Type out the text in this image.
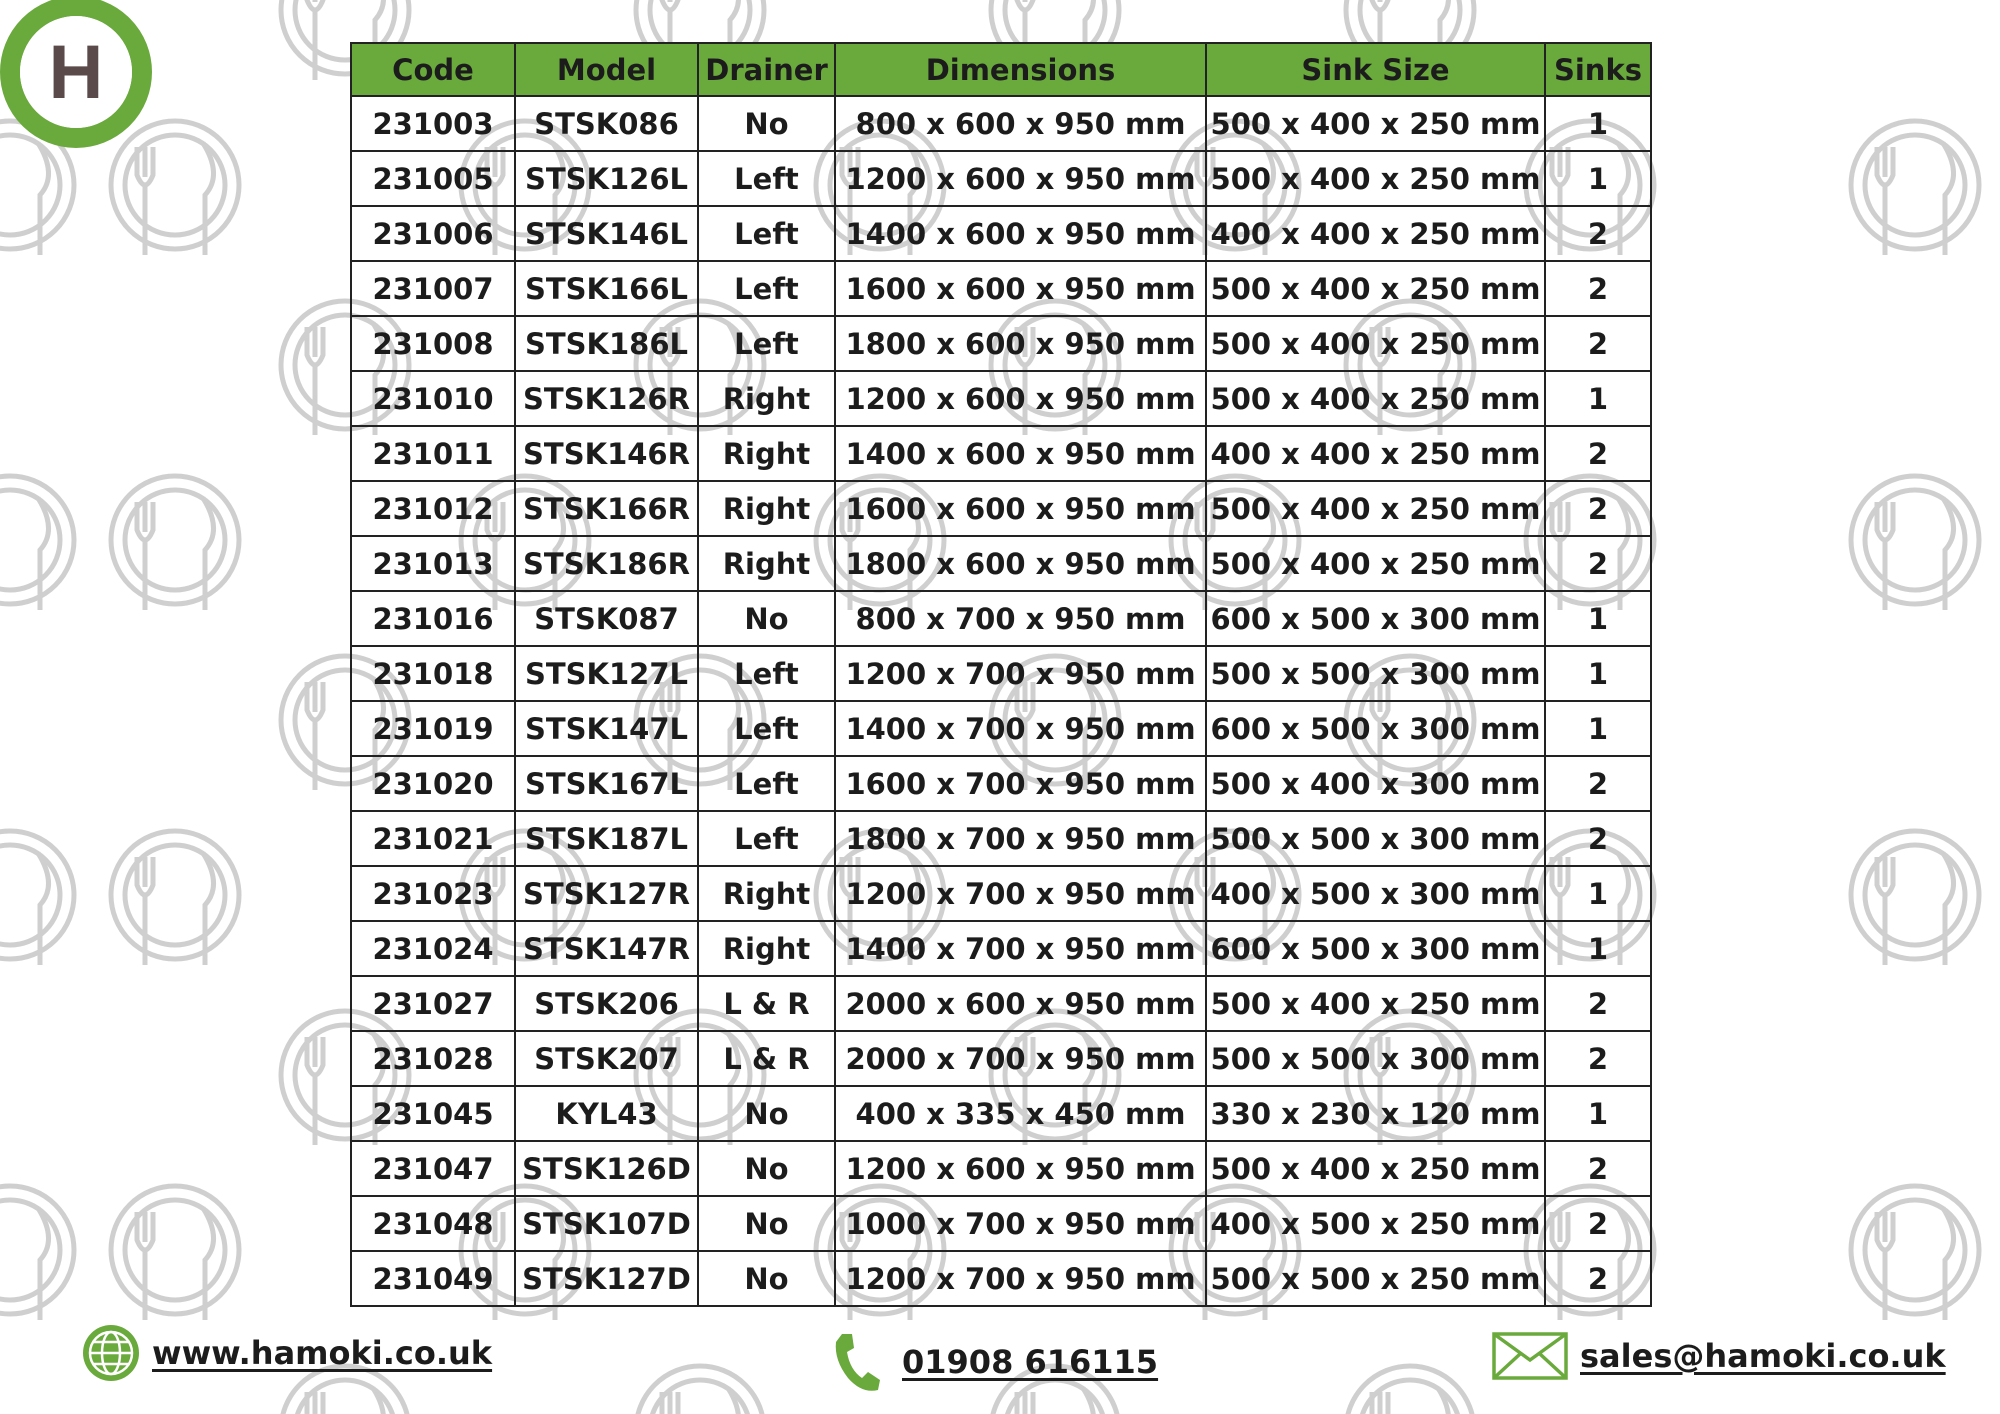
H	Code	Model	Drainer	Dimensions	Sink Size	Sinks
231003	STSK086	No	800 x 600 x 950 mm	500 x 400 x 250 mm	1
231005	STSK126L	Left	1200 x 600 x 950 mm	500 x 400 x 250 mm	1
231006	STSK146L	Left	1400 x 600 x 950 mm	400 x 400 x 250 mm	2
231007	STSK166L	Left	1600 x 600 x 950 mm	500 x 400 x 250 mm	2
231008	STSK186L	Left	1800 x 600 x 950 mm	500 x 400 x 250 mm	2
231010	STSK126R	Right	1200 x 600 x 950 mm	500 x 400 x 250 mm	1
231011	STSK146R	Right	1400 x 600 x 950 mm	400 x 400 x 250 mm	2
231012	STSK166R	Right	1600 x 600 x 950 mm	500 x 400 x 250 mm	2
231013	STSK186R	Right	1800 x 600 x 950 mm	500 x 400 x 250 mm	2
231016	STSK087	No	800 x 700 x 950 mm	600 x 500 x 300 mm	1
231018	STSK127L	Left	1200 x 700 x 950 mm	500 x 500 x 300 mm	1
231019	STSK147L	Left	1400 x 700 x 950 mm	600 x 500 x 300 mm	1
231020	STSK167L	Left	1600 x 700 x 950 mm	500 x 400 x 300 mm	2
231021	STSK187L	Left	1800 x 700 x 950 mm	500 x 500 x 300 mm	2
231023	STSK127R	Right	1200 x 700 x 950 mm	400 x 500 x 300 mm	1
231024	STSK147R	Right	1400 x 700 x 950 mm	600 x 500 x 300 mm	1
231027	STSK206	L & R	2000 x 600 x 950 mm	500 x 400 x 250 mm	2
231028	STSK207	L & R	2000 x 700 x 950 mm	500 x 500 x 300 mm	2
231045	KYL43	No	400 x 335 x 450 mm	330 x 230 x 120 mm	1
231047	STSK126D	No	1200 x 600 x 950 mm	500 x 400 x 250 mm	2
231048	STSK107D	No	1000 x 700 x 950 mm	400 x 500 x 250 mm	2
231049	STSK127D	No	1200 x 700 x 950 mm	500 x 500 x 250 mm	2
www.hamoki.co.uk	01908 616115	sales@hamoki.co.uk
